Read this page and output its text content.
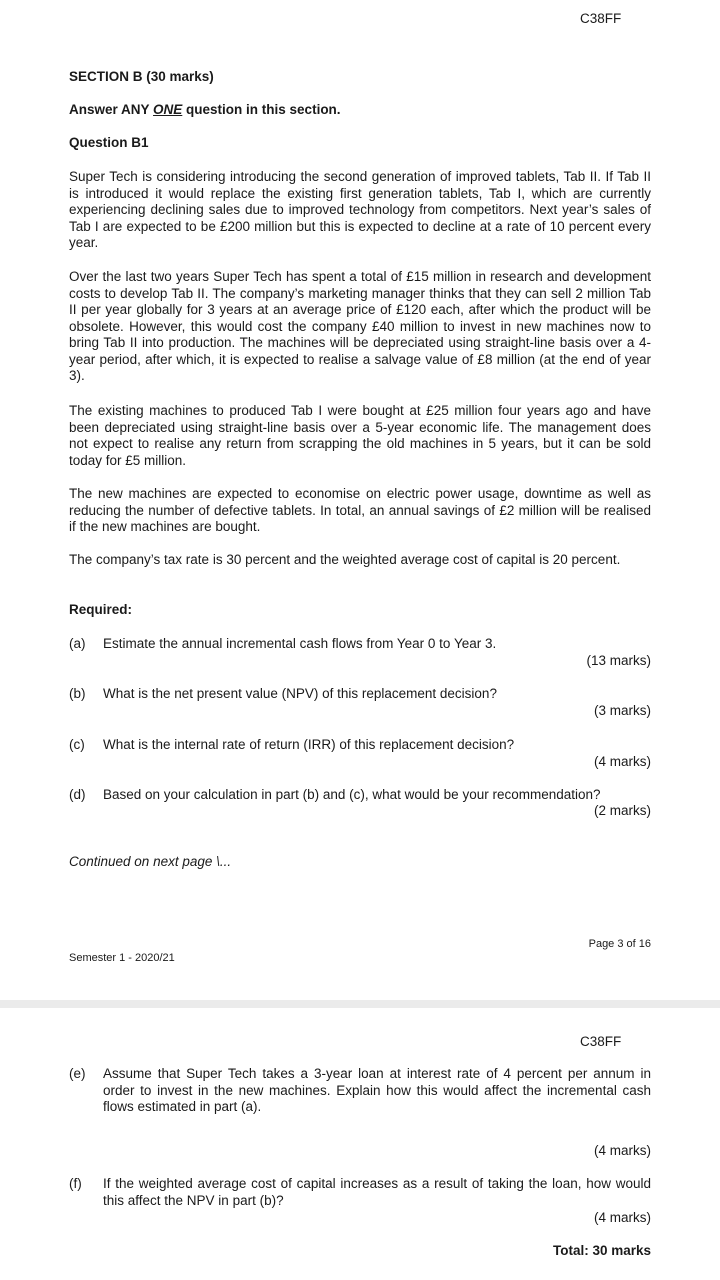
C38FF
SECTION B (30 marks)
Answer ANY ONE question in this section.
Question B1

Super Tech is considering introducing the second generation of improved tablets, Tab II. If Tab II is introduced it would replace the existing first generation tablets, Tab I, which are currently experiencing declining sales due to improved technology from competitors. Next year’s sales of Tab I are expected to be £200 million but this is expected to decline at a rate of 10 percent every year.

Over the last two years Super Tech has spent a total of £15 million in research and development costs to develop Tab II. The company’s marketing manager thinks that they can sell 2 million Tab II per year globally for 3 years at an average price of £120 each, after which the product will be obsolete. However, this would cost the company £40 million to invest in new machines now to bring Tab II into production. The machines will be depreciated using straight-line basis over a 4-year period, after which, it is expected to realise a salvage value of £8 million (at the end of year 3).

The existing machines to produced Tab I were bought at £25 million four years ago and have been depreciated using straight-line basis over a 5-year economic life. The management does not expect to realise any return from scrapping the old machines in 5 years, but it can be sold today for £5 million.

The new machines are expected to economise on electric power usage, downtime as well as reducing the number of defective tablets. In total, an annual savings of £2 million will be realised if the new machines are bought.

The company’s tax rate is 30 percent and the weighted average cost of capital is 20 percent.

Required:
(a)	Estimate the annual incremental cash flows from Year 0 to Year 3.
(13 marks)
(b)	What is the net present value (NPV) of this replacement decision?
(3 marks)
(c)	What is the internal rate of return (IRR) of this replacement decision?
(4 marks)
(d)	Based on your calculation in part (b) and (c), what would be your recommendation?
(2 marks)
Continued on next page \...
Page 3 of 16
Semester 1 - 2020/21
C38FF
(e)	Assume that Super Tech takes a 3-year loan at interest rate of 4 percent per annum in order to invest in the new machines. Explain how this would affect the incremental cash flows estimated in part (a).
(4 marks)
(f)	If the weighted average cost of capital increases as a result of taking the loan, how would this affect the NPV in part (b)?
(4 marks)
Total: 30 marks
